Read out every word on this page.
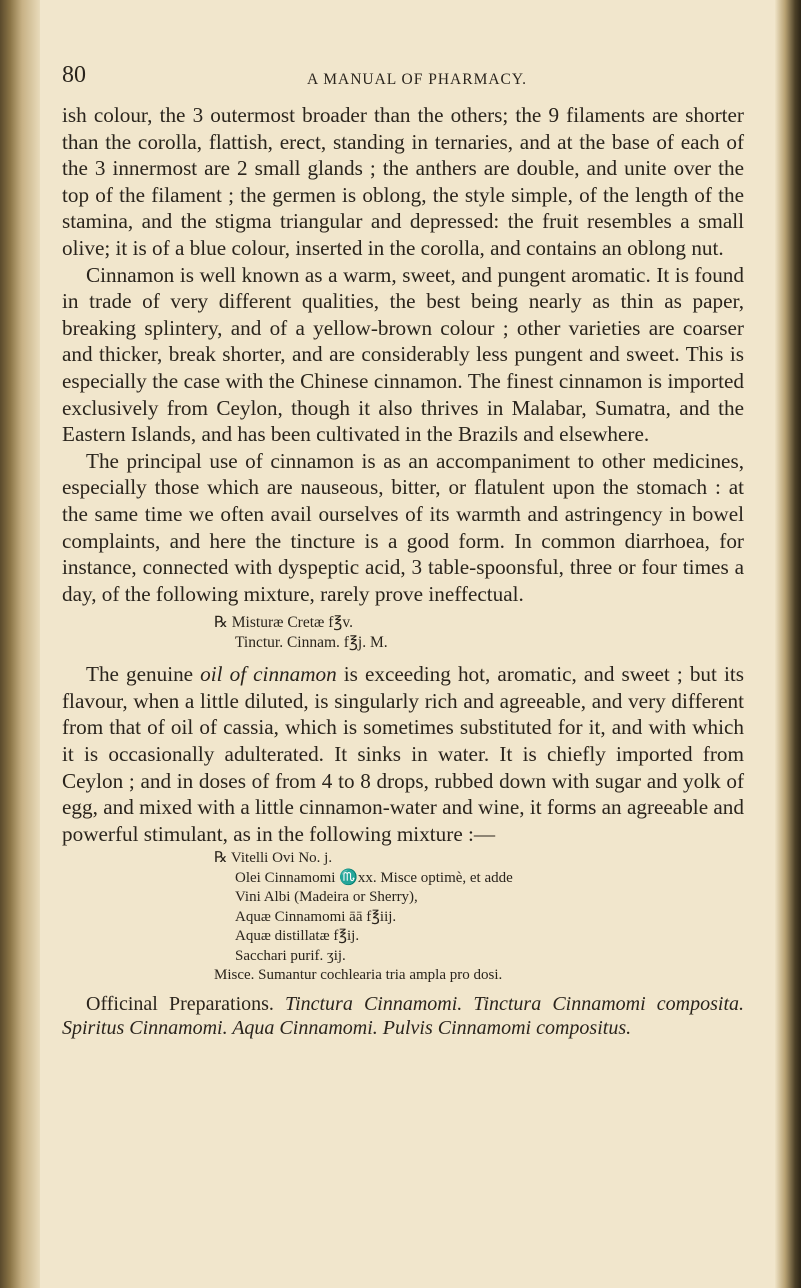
80	A MANUAL OF PHARMACY.

ish colour, the 3 outermost broader than the others; the 9 filaments are shorter than the corolla, flattish, erect, standing in ternaries, and at the base of each of the 3 innermost are 2 small glands ; the anthers are double, and unite over the top of the filament ; the germen is oblong, the style simple, of the length of the stamina, and the stigma triangular and depressed: the fruit resembles a small olive; it is of a blue colour, inserted in the corolla, and contains an oblong nut.

Cinnamon is well known as a warm, sweet, and pungent aromatic. It is found in trade of very different qualities, the best being nearly as thin as paper, breaking splintery, and of a yellow-brown colour ; other varieties are coarser and thicker, break shorter, and are considerably less pungent and sweet. This is especially the case with the Chinese cinnamon. The finest cinnamon is imported exclusively from Ceylon, though it also thrives in Malabar, Sumatra, and the Eastern Islands, and has been cultivated in the Brazils and elsewhere.

The principal use of cinnamon is as an accompaniment to other medicines, especially those which are nauseous, bitter, or flatulent upon the stomach : at the same time we often avail ourselves of its warmth and astringency in bowel complaints, and here the tincture is a good form. In common diarrhoea, for instance, connected with dyspeptic acid, 3 table-spoonsful, three or four times a day, of the following mixture, rarely prove ineffectual.

℞ Misturæ Cretæ f℥v.
Tinctur. Cinnam. f℥j. M.

The genuine oil of cinnamon is exceeding hot, aromatic, and sweet ; but its flavour, when a little diluted, is singularly rich and agreeable, and very different from that of oil of cassia, which is sometimes substituted for it, and with which it is occasionally adulterated. It sinks in water. It is chiefly imported from Ceylon ; and in doses of from 4 to 8 drops, rubbed down with sugar and yolk of egg, and mixed with a little cinnamon-water and wine, it forms an agreeable and powerful stimulant, as in the following mixture :—

℞ Vitelli Ovi No. j.
Olei Cinnamomi ♏xx. Misce optimè, et adde
Vini Albi (Madeira or Sherry),
Aquæ Cinnamomi āā f℥iij.
Aquæ distillatæ f℥ij.
Sacchari purif. ʒij.
Misce. Sumantur cochlearia tria ampla pro dosi.

Officinal Preparations. Tinctura Cinnamomi. Tinctura Cinnamomi composita. Spiritus Cinnamomi. Aqua Cinnamomi. Pulvis Cinnamomi compositus.
